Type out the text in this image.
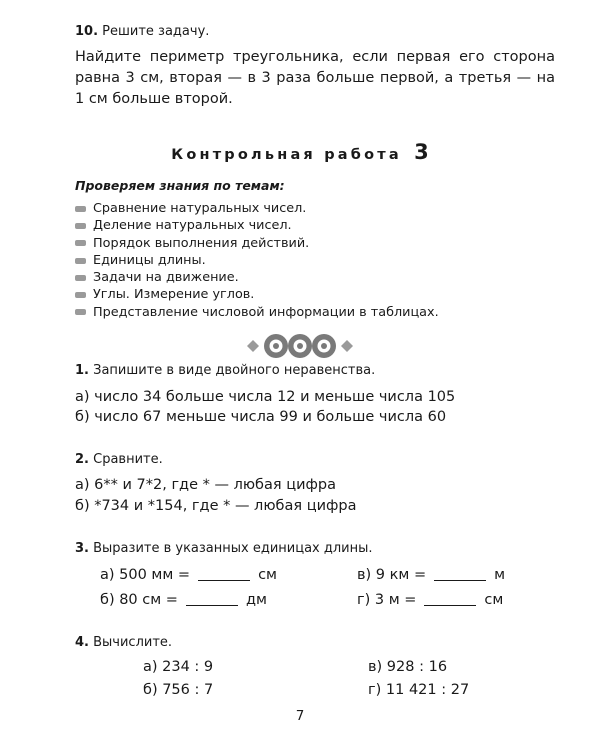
10. Решите задачу.
Найдите периметр треугольника, если первая его сторона равна 3 см, вторая — в 3 раза больше первой, а третья — на 1 см больше второй.
Контрольная работа 3
Проверяем знания по темам:
Сравнение натуральных чисел.
Деление натуральных чисел.
Порядок выполнения действий.
Единицы длины.
Задачи на движение.
Углы. Измерение углов.
Представление числовой информации в таблицах.
1. Запишите в виде двойного неравенства.
а) число 34 больше числа 12 и меньше числа 105
б) число 67 меньше числа 99 и больше числа 60
2. Сравните.
а) 6** и 7*2, где * — любая цифра
б) *734 и *154, где * — любая цифра
3. Выразите в указанных единицах длины.
а) 500 мм =	см
б) 80 см =	дм
в) 9 км =	м
г) 3 м =	см
4. Вычислите.
а) 234 : 9
б) 756 : 7
в) 928 : 16
г) 11 421 : 27
7
